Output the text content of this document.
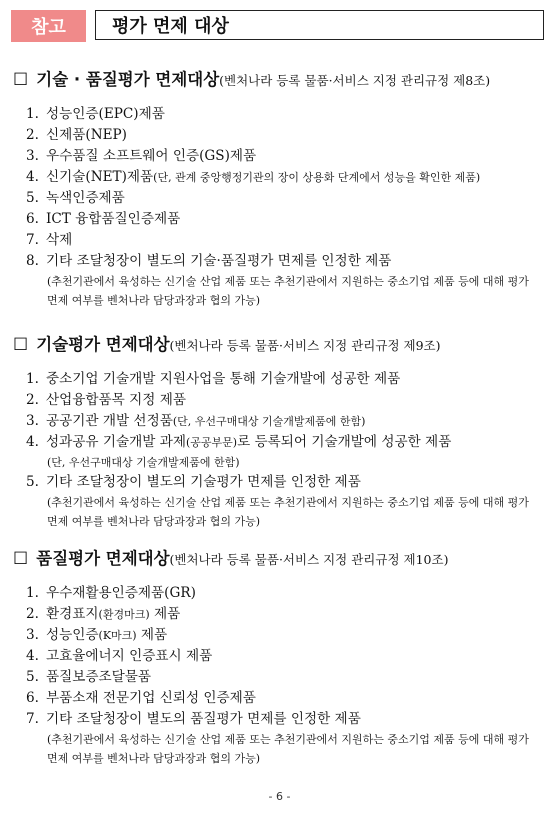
참고	평가 면제 대상
☐ 기술 · 품질평가 면제대상 (벤처나라 등록 물품·서비스 지정 관리규정 제8조)
1. 성능인증(EPC)제품
2. 신제품(NEP)
3. 우수품질 소프트웨어 인증(GS)제품
4. 신기술(NET)제품(단, 관계 중앙행정기관의 장이 상용화 단계에서 성능을 확인한 제품)
5. 녹색인증제품
6. ICT 융합품질인증제품
7. 삭제
8. 기타 조달청장이 별도의 기술·품질평가 면제를 인정한 제품
(추천기관에서 육성하는 신기술 산업 제품 또는 추천기관에서 지원하는 중소기업 제품 등에 대해 평가 면제 여부를 벤처나라 담당과장과 협의 가능)
☐ 기술평가 면제대상 (벤처나라 등록 물품·서비스 지정 관리규정 제9조)
1. 중소기업 기술개발 지원사업을 통해 기술개발에 성공한 제품
2. 산업융합품목 지정 제품
3. 공공기관 개발 선정품(단, 우선구매대상 기술개발제품에 한함)
4. 성과공유 기술개발 과제(공공부문)로 등록되어 기술개발에 성공한 제품
(단, 우선구매대상 기술개발제품에 한함)
5. 기타 조달청장이 별도의 기술평가 면제를 인정한 제품
(추천기관에서 육성하는 신기술 산업 제품 또는 추천기관에서 지원하는 중소기업 제품 등에 대해 평가 면제 여부를 벤처나라 담당과장과 협의 가능)
☐ 품질평가 면제대상 (벤처나라 등록 물품·서비스 지정 관리규정 제10조)
1. 우수재활용인증제품(GR)
2. 환경표지(환경마크) 제품
3. 성능인증(K마크) 제품
4. 고효율에너지 인증표시 제품
5. 품질보증조달물품
6. 부품소재 전문기업 신뢰성 인증제품
7. 기타 조달청장이 별도의 품질평가 면제를 인정한 제품
(추천기관에서 육성하는 신기술 산업 제품 또는 추천기관에서 지원하는 중소기업 제품 등에 대해 평가 면제 여부를 벤처나라 담당과장과 협의 가능)
- 6 -
